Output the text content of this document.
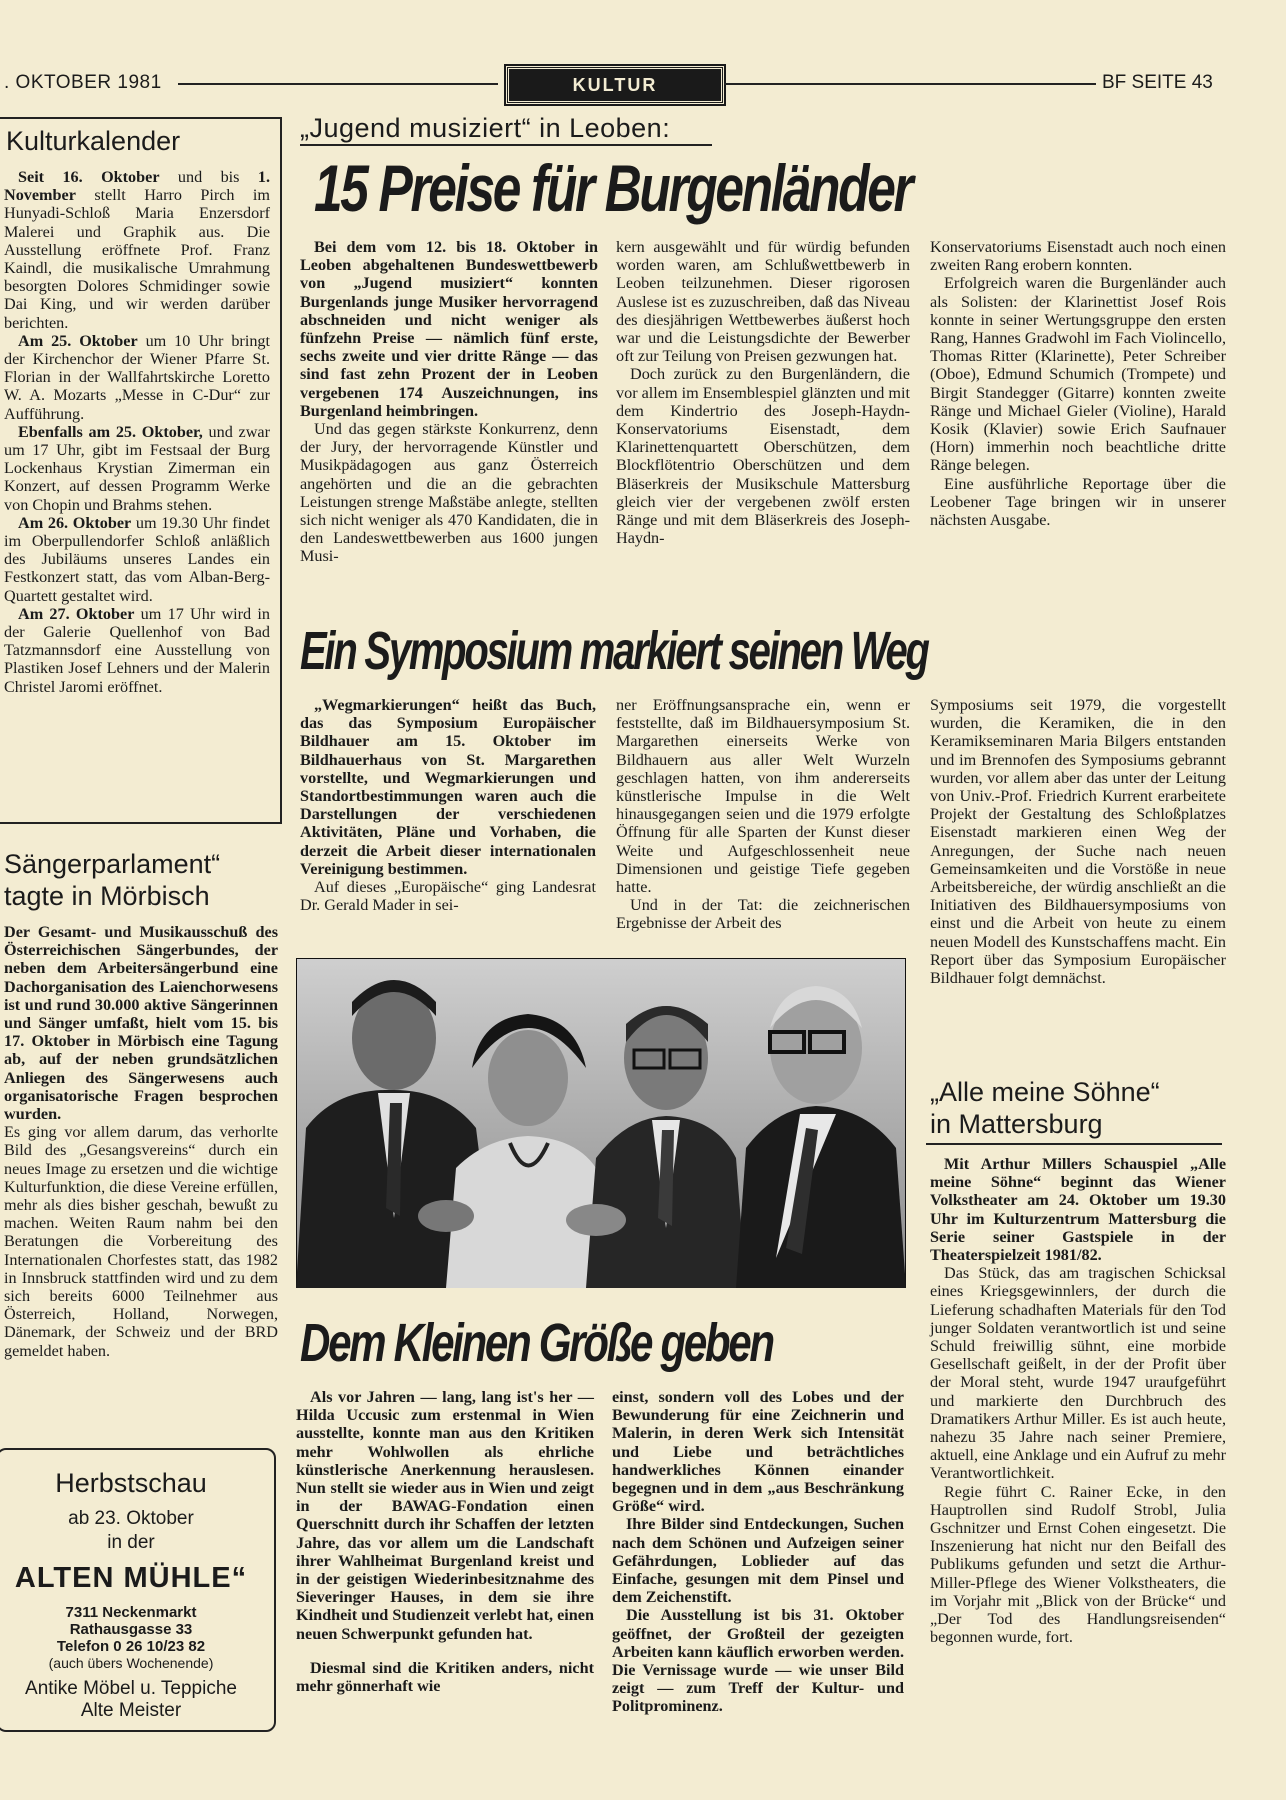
. OKTOBER 1981	KULTUR	BF SEITE 43
Kulturkalender

Seit 16. Oktober und bis 1. November stellt Harro Pirch im Hunyadi-Schloß Maria Enzersdorf Malerei und Graphik aus. Die Ausstellung eröffnete Prof. Franz Kaindl, die musikalische Umrahmung besorgten Dolores Schmidinger sowie Dai King, und wir werden darüber berichten.

Am 25. Oktober um 10 Uhr bringt der Kirchenchor der Wiener Pfarre St. Florian in der Wallfahrtskirche Loretto W. A. Mozarts „Messe in C-Dur“ zur Aufführung.

Ebenfalls am 25. Oktober, und zwar um 17 Uhr, gibt im Festsaal der Burg Lockenhaus Krystian Zimerman ein Konzert, auf dessen Programm Werke von Chopin und Brahms stehen.

Am 26. Oktober um 19.30 Uhr findet im Oberpullendorfer Schloß anläßlich des Jubiläums unseres Landes ein Festkonzert statt, das vom Alban-Berg-Quartett gestaltet wird.

Am 27. Oktober um 17 Uhr wird in der Galerie Quellenhof von Bad Tatzmannsdorf eine Ausstellung von Plastiken Josef Lehners und der Malerin Christel Jaromi eröffnet.

Sängerparlament“
tagte in Mörbisch

Der Gesamt- und Musikausschuß des Österreichischen Sängerbundes, der neben dem Arbeitersängerbund eine Dachorganisation des Laienchorwesens ist und rund 30.000 aktive Sängerinnen und Sänger umfaßt, hielt vom 15. bis 17. Oktober in Mörbisch eine Tagung ab, auf der neben grundsätzlichen Anliegen des Sängerwesens auch organisatorische Fragen besprochen wurden.

Es ging vor allem darum, das verhorlte Bild des „Gesangsvereins“ durch ein neues Image zu ersetzen und die wichtige Kulturfunktion, die diese Vereine erfüllen, mehr als dies bisher geschah, bewußt zu machen. Weiten Raum nahm bei den Beratungen die Vorbereitung des Internationalen Chorfestes statt, das 1982 in Innsbruck stattfinden wird und zu dem sich bereits 6000 Teilnehmer aus Österreich, Holland, Norwegen, Dänemark, der Schweiz und der BRD gemeldet haben.

Herbstschau
ab 23. Oktober
in der
ALTEN MÜHLE“
7311 Neckenmarkt
Rathausgasse 33
Telefon 0 26 10/23 82
(auch übers Wochenende)
Antike Möbel u. Teppiche
Alte Meister
„Jugend musiziert“ in Leoben:
15 Preise für Burgenländer

Bei dem vom 12. bis 18. Oktober in Leoben abgehaltenen Bundeswettbewerb von „Jugend musiziert“ konnten Burgenlands junge Musiker hervorragend abschneiden und nicht weniger als fünfzehn Preise — nämlich fünf erste, sechs zweite und vier dritte Ränge — das sind fast zehn Prozent der in Leoben vergebenen 174 Auszeichnungen, ins Burgenland heimbringen.

Und das gegen stärkste Konkurrenz, denn der Jury, der hervorragende Künstler und Musikpädagogen aus ganz Österreich angehörten und die an die gebrachten Leistungen strenge Maßstäbe anlegte, stellten sich nicht weniger als 470 Kandidaten, die in den Landeswettbewerben aus 1600 jungen Musi-

kern ausgewählt und für würdig befunden worden waren, am Schlußwettbewerb in Leoben teilzunehmen. Dieser rigorosen Auslese ist es zuzuschreiben, daß das Niveau des diesjährigen Wettbewerbes äußerst hoch war und die Leistungsdichte der Bewerber oft zur Teilung von Preisen gezwungen hat.

Doch zurück zu den Burgenländern, die vor allem im Ensemblespiel glänzten und mit dem Kindertrio des Joseph-Haydn-Konservatoriums Eisenstadt, dem Klarinettenquartett Oberschützen, dem Blockflötentrio Oberschützen und dem Bläserkreis der Musikschule Mattersburg gleich vier der vergebenen zwölf ersten Ränge und mit dem Bläserkreis des Joseph-Haydn-

Konservatoriums Eisenstadt auch noch einen zweiten Rang erobern konnten.

Erfolgreich waren die Burgenländer auch als Solisten: der Klarinettist Josef Rois konnte in seiner Wertungsgruppe den ersten Rang, Hannes Gradwohl im Fach Violincello, Thomas Ritter (Klarinette), Peter Schreiber (Oboe), Edmund Schumich (Trompete) und Birgit Standegger (Gitarre) konnten zweite Ränge und Michael Gieler (Violine), Harald Kosik (Klavier) sowie Erich Saufnauer (Horn) immerhin noch beachtliche dritte Ränge belegen.

Eine ausführliche Reportage über die Leobener Tage bringen wir in unserer nächsten Ausgabe.

Ein Symposium markiert seinen Weg

„Wegmarkierungen“ heißt das Buch, das das Symposium Europäischer Bildhauer am 15. Oktober im Bildhauerhaus von St. Margarethen vorstellte, und Wegmarkierungen und Standortbestimmungen waren auch die Darstellungen der verschiedenen Aktivitäten, Pläne und Vorhaben, die derzeit die Arbeit dieser internationalen Vereinigung bestimmen.

Auf dieses „Europäische“ ging Landesrat Dr. Gerald Mader in sei-

ner Eröffnungsansprache ein, wenn er feststellte, daß im Bildhauersymposium St. Margarethen einerseits Werke von Bildhauern aus aller Welt Wurzeln geschlagen hatten, von ihm andererseits künstlerische Impulse in die Welt hinausgegangen seien und die 1979 erfolgte Öffnung für alle Sparten der Kunst dieser Weite und Aufgeschlossenheit neue Dimensionen und geistige Tiefe gegeben hatte.

Und in der Tat: die zeichnerischen Ergebnisse der Arbeit des

Symposiums seit 1979, die vorgestellt wurden, die Keramiken, die in den Keramikseminaren Maria Bilgers entstanden und im Brennofen des Symposiums gebrannt wurden, vor allem aber das unter der Leitung von Univ.-Prof. Friedrich Kurrent erarbeitete Projekt der Gestaltung des Schloßplatzes Eisenstadt markieren einen Weg der Anregungen, der Suche nach neuen Gemeinsamkeiten und die Vorstöße in neue Arbeitsbereiche, der würdig anschließt an die Initiativen des Bildhauersymposiums von einst und die Arbeit von heute zu einem neuen Modell des Kunstschaffens macht. Ein Report über das Symposium Europäischer Bildhauer folgt demnächst.

Dem Kleinen Größe geben

Als vor Jahren — lang, lang ist's her — Hilda Uccusic zum erstenmal in Wien ausstellte, konnte man aus den Kritiken mehr Wohlwollen als ehrliche künstlerische Anerkennung herauslesen. Nun stellt sie wieder aus in Wien und zeigt in der BAWAG-Fondation einen Querschnitt durch ihr Schaffen der letzten Jahre, das vor allem um die Landschaft ihrer Wahlheimat Burgenland kreist und in der geistigen Wiederinbesitznahme des Sieveringer Hauses, in dem sie ihre Kindheit und Studienzeit verlebt hat, einen neuen Schwerpunkt gefunden hat.

Diesmal sind die Kritiken anders, nicht mehr gönnerhaft wie

einst, sondern voll des Lobes und der Bewunderung für eine Zeichnerin und Malerin, in deren Werk sich Intensität und Liebe und beträchtliches handwerkliches Können einander begegnen und in dem „aus Beschränkung Größe“ wird.

Ihre Bilder sind Entdeckungen, Suchen nach dem Schönen und Aufzeigen seiner Gefährdungen, Loblieder auf das Einfache, gesungen mit dem Pinsel und dem Zeichenstift.

Die Ausstellung ist bis 31. Oktober geöffnet, der Großteil der gezeigten Arbeiten kann käuflich erworben werden. Die Vernissage wurde — wie unser Bild zeigt — zum Treff der Kultur- und Politprominenz.

„Alle meine Söhne“
in Mattersburg

Mit Arthur Millers Schauspiel „Alle meine Söhne“ beginnt das Wiener Volkstheater am 24. Oktober um 19.30 Uhr im Kulturzentrum Mattersburg die Serie seiner Gastspiele in der Theaterspielzeit 1981/82.

Das Stück, das am tragischen Schicksal eines Kriegsgewinnlers, der durch die Lieferung schadhaften Materials für den Tod junger Soldaten verantwortlich ist und seine Schuld freiwillig sühnt, eine morbide Gesellschaft geißelt, in der der Profit über der Moral steht, wurde 1947 uraufgeführt und markierte den Durchbruch des Dramatikers Arthur Miller. Es ist auch heute, nahezu 35 Jahre nach seiner Premiere, aktuell, eine Anklage und ein Aufruf zu mehr Verantwortlichkeit.

Regie führt C. Rainer Ecke, in den Hauptrollen sind Rudolf Strobl, Julia Gschnitzer und Ernst Cohen eingesetzt. Die Inszenierung hat nicht nur den Beifall des Publikums gefunden und setzt die Arthur-Miller-Pflege des Wiener Volkstheaters, die im Vorjahr mit „Blick von der Brücke“ und „Der Tod des Handlungsreisenden“ begonnen wurde, fort.
